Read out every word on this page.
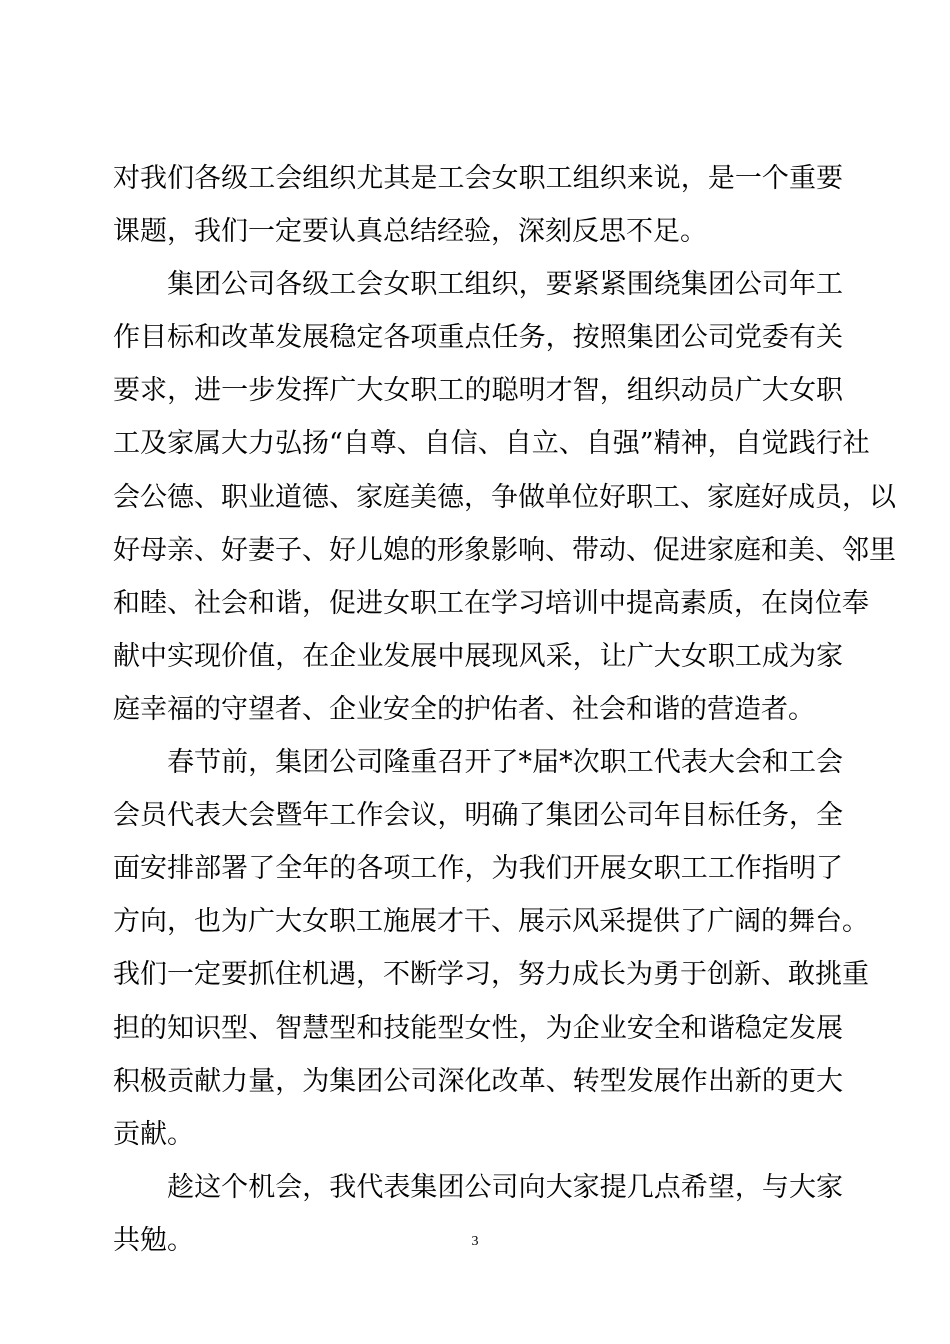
对我们各级工会组织尤其是工会女职工组织来说，是一个重要
课题，我们一定要认真总结经验，深刻反思不足。
　　集团公司各级工会女职工组织，要紧紧围绕集团公司年工
作目标和改革发展稳定各项重点任务，按照集团公司党委有关
要求，进一步发挥广大女职工的聪明才智，组织动员广大女职
工及家属大力弘扬“自尊、自信、自立、自强”精神，自觉践行社
会公德、职业道德、家庭美德，争做单位好职工、家庭好成员，以
好母亲、好妻子、好儿媳的形象影响、带动、促进家庭和美、邻里
和睦、社会和谐，促进女职工在学习培训中提高素质，在岗位奉
献中实现价值，在企业发展中展现风采，让广大女职工成为家
庭幸福的守望者、企业安全的护佑者、社会和谐的营造者。
　　春节前，集团公司隆重召开了*届*次职工代表大会和工会
会员代表大会暨年工作会议，明确了集团公司年目标任务，全
面安排部署了全年的各项工作，为我们开展女职工工作指明了
方向，也为广大女职工施展才干、展示风采提供了广阔的舞台。
我们一定要抓住机遇，不断学习，努力成长为勇于创新、敢挑重
担的知识型、智慧型和技能型女性，为企业安全和谐稳定发展
积极贡献力量，为集团公司深化改革、转型发展作出新的更大
贡献。
　　趁这个机会，我代表集团公司向大家提几点希望，与大家
共勉。	3
